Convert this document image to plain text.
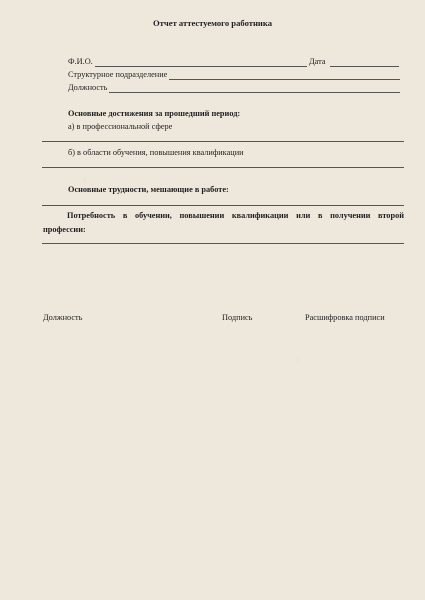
Отчет аттестуемого работника
Ф.И.О.	Дата
Структурное подразделение
Должность
Основные достижения за прошедший период:
а) в профессиональной сфере
б) в области обучения, повышения квалификации
Основные трудности, мешающие в работе:
Потребность в обучении, повышении квалификации или в получении второй профессии:
Должность	Подпись	Расшифровка подписи
